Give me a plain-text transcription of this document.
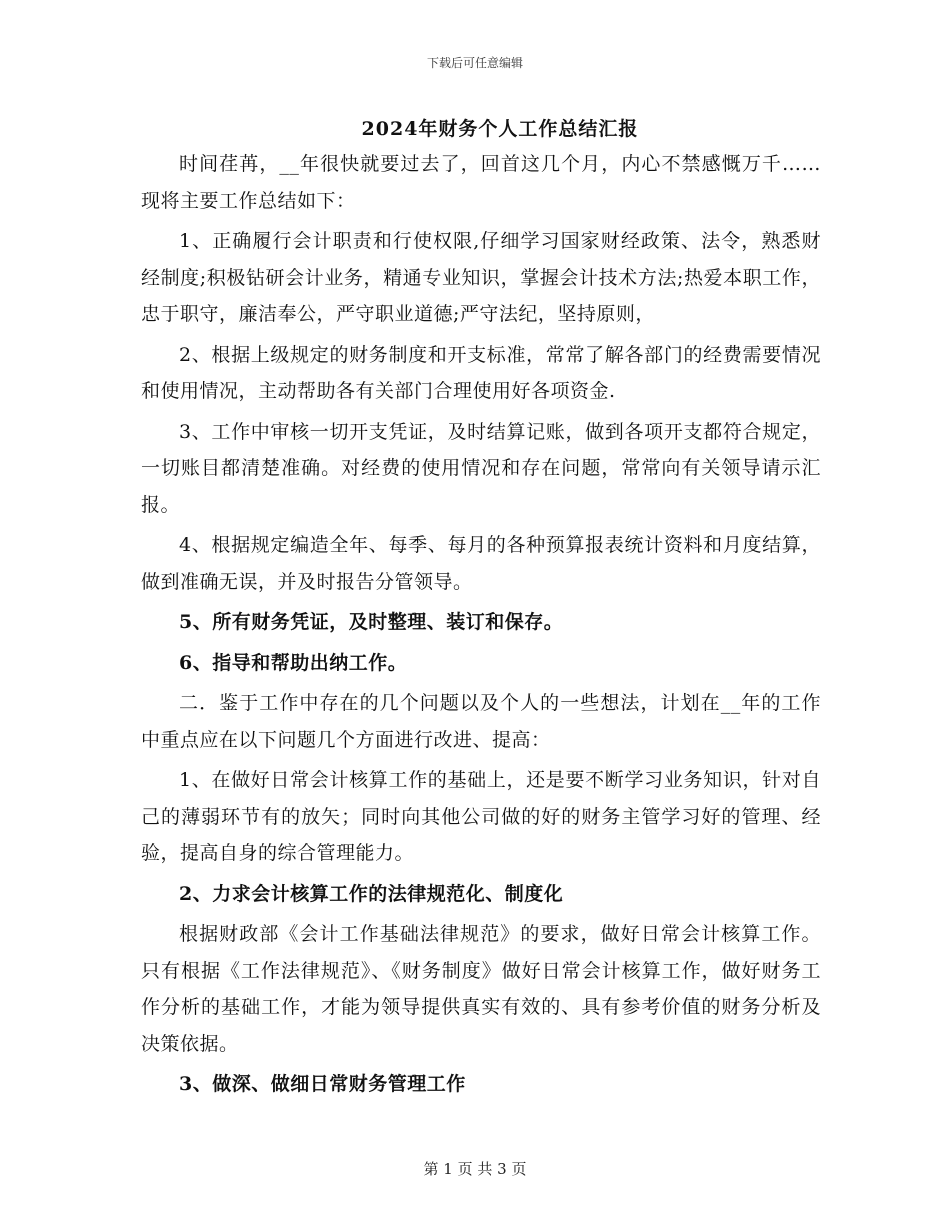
下载后可任意编辑
2024年财务个人工作总结汇报

时间荏苒，__年很快就要过去了，回首这几个月，内心不禁感慨万千……现将主要工作总结如下：

1、正确履行会计职责和行使权限,仔细学习国家财经政策、法令，熟悉财经制度;积极钻研会计业务，精通专业知识，掌握会计技术方法;热爱本职工作，忠于职守，廉洁奉公，严守职业道德;严守法纪，坚持原则，

2、根据上级规定的财务制度和开支标准，常常了解各部门的经费需要情况和使用情况，主动帮助各有关部门合理使用好各项资金.

3、工作中审核一切开支凭证，及时结算记账，做到各项开支都符合规定，一切账目都清楚准确。对经费的使用情况和存在问题，常常向有关领导请示汇报。

4、根据规定编造全年、每季、每月的各种预算报表统计资料和月度结算，做到准确无误，并及时报告分管领导。

5、所有财务凭证，及时整理、装订和保存。

6、指导和帮助出纳工作。

二．鉴于工作中存在的几个问题以及个人的一些想法，计划在__年的工作中重点应在以下问题几个方面进行改进、提高：

1、在做好日常会计核算工作的基础上，还是要不断学习业务知识，针对自己的薄弱环节有的放矢；同时向其他公司做的好的财务主管学习好的管理、经验，提高自身的综合管理能力。

2、力求会计核算工作的法律规范化、制度化

根据财政部《会计工作基础法律规范》的要求，做好日常会计核算工作。只有根据《工作法律规范》、《财务制度》做好日常会计核算工作，做好财务工作分析的基础工作，才能为领导提供真实有效的、具有参考价值的财务分析及决策依据。

3、做深、做细日常财务管理工作

第 1 页 共 3 页
